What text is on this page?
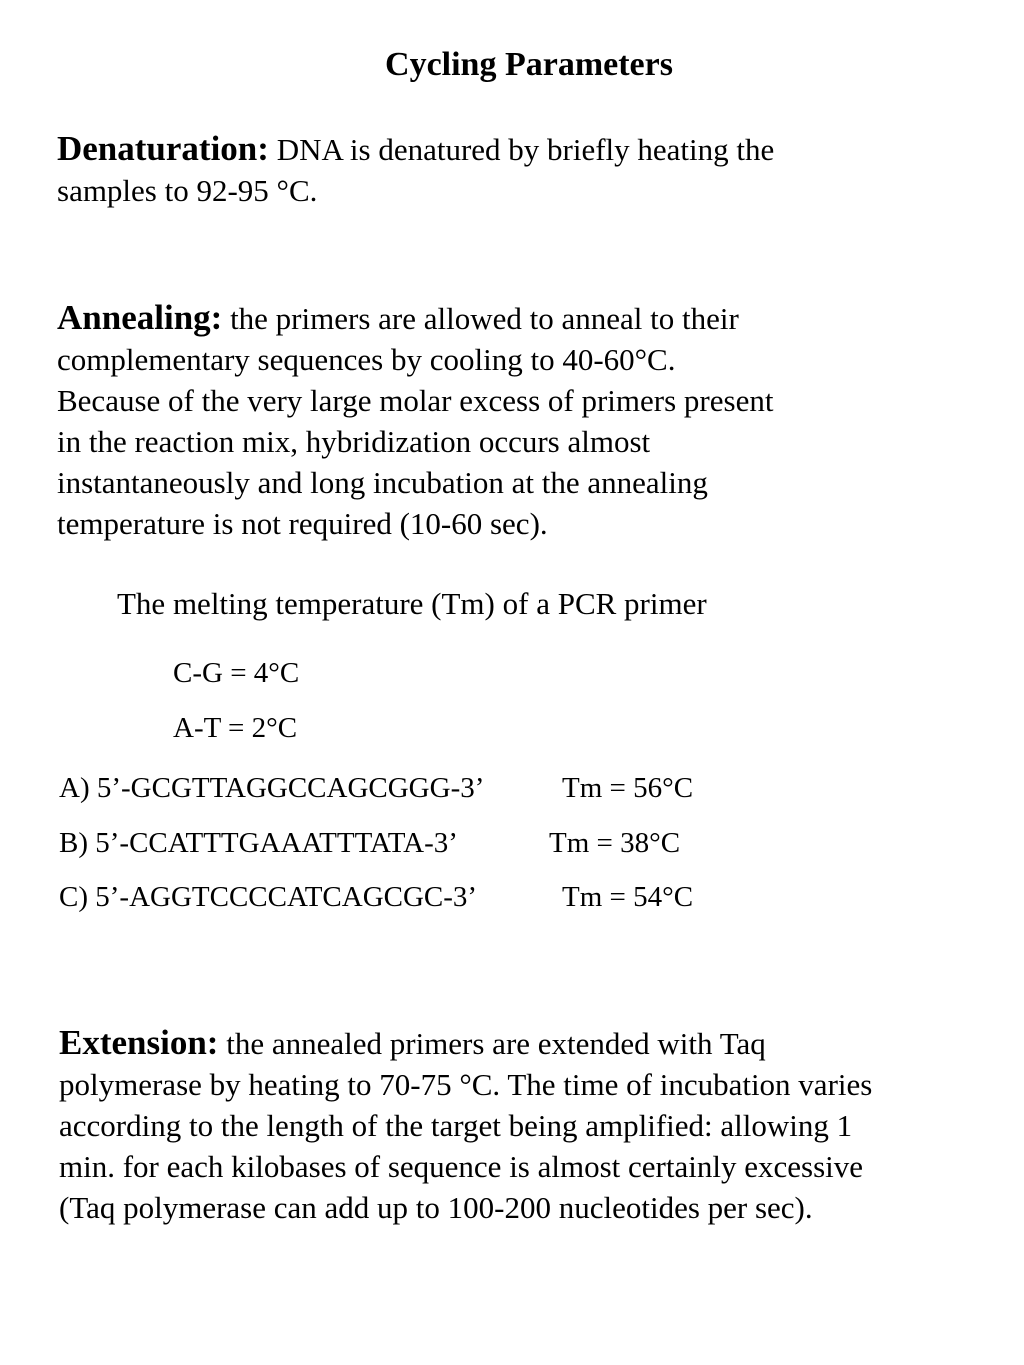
Cycling Parameters
Denaturation: DNA is denatured by briefly heating the
samples to 92-95 °C.
Annealing: the primers are allowed to anneal to their
complementary sequences by cooling to 40-60°C.
Because of the very large molar excess of primers present
in the reaction mix, hybridization occurs almost
instantaneously and long incubation at the annealing
temperature is not required (10-60 sec).
The melting temperature (Tm) of a PCR primer
C-G = 4°C
A-T = 2°C
A) 5’-GCGTTAGGCCAGCGGG-3’	Tm = 56°C
B) 5’-CCATTTGAAATTTATA-3’	Tm = 38°C
C) 5’-AGGTCCCCATCAGCGC-3’	Tm = 54°C
Extension: the annealed primers are extended with Taq
polymerase by heating to 70-75 °C. The time of incubation varies
according to the length of the target being amplified: allowing 1
min. for each kilobases of sequence is almost certainly excessive
(Taq polymerase can add up to 100-200 nucleotides per sec).
